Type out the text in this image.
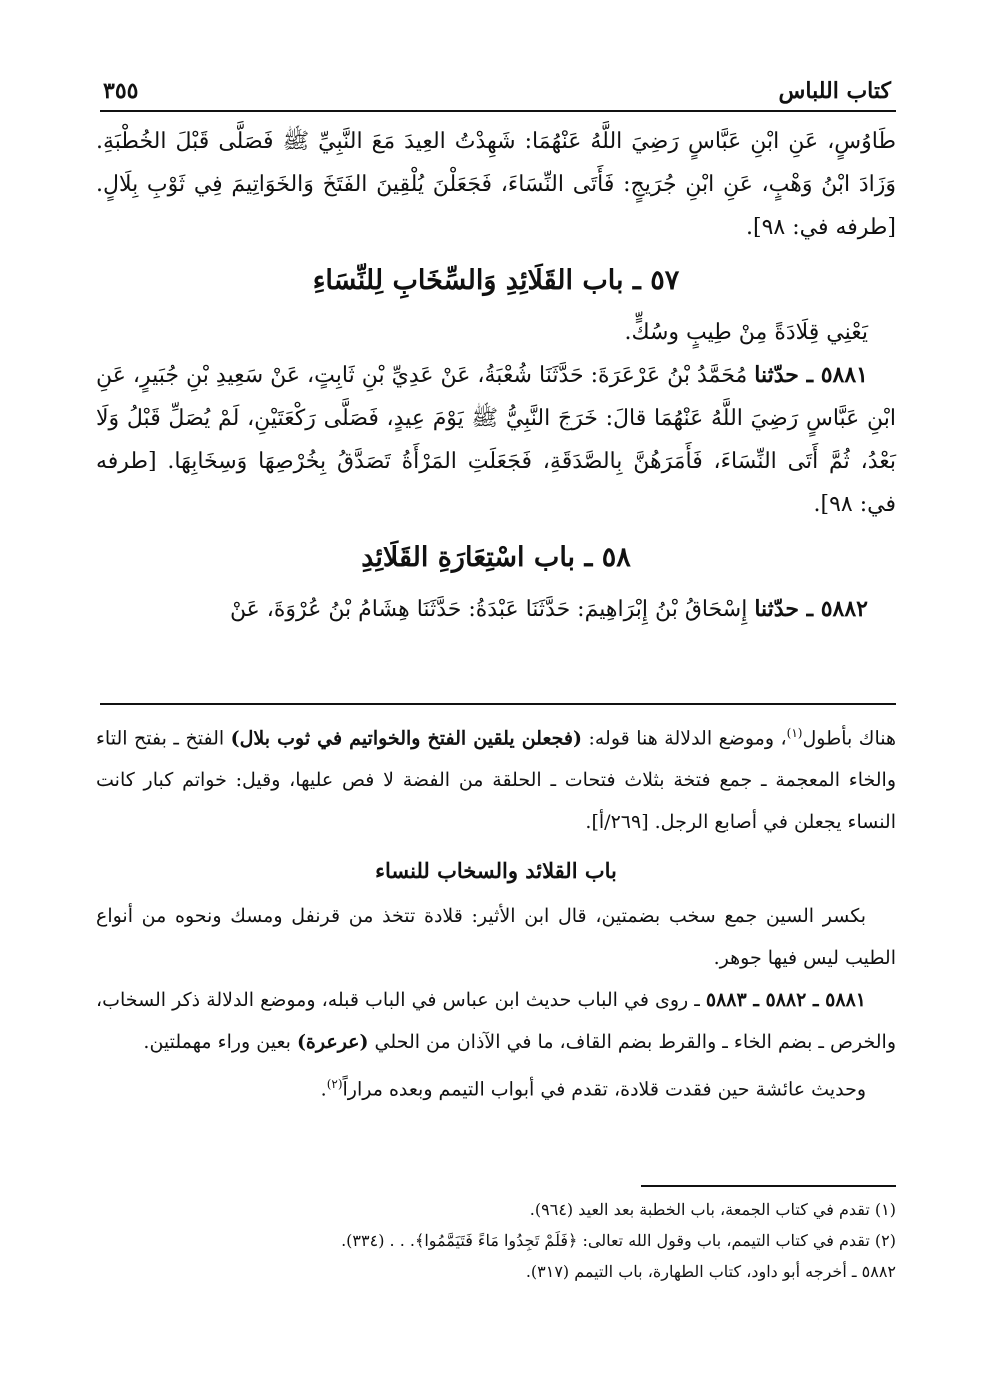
كتاب اللباس
٣٥٥

طَاوُسٍ، عَنِ ابْنِ عَبَّاسٍ رَضِيَ اللَّهُ عَنْهُمَا: شَهِدْتُ العِيدَ مَعَ النَّبِيِّ ﷺ فَصَلَّى قَبْلَ الخُطْبَةِ. وَزَادَ ابْنُ وَهْبٍ، عَنِ ابْنِ جُرَيجٍ: فَأَتَى النِّسَاءَ، فَجَعَلْنَ يُلْقِينَ الفَتَخَ وَالخَوَاتِيمَ فِي ثَوْبِ بِلَالٍ. [طرفه في: ٩٨].

٥٧ ـ باب القَلَائِدِ وَالسِّخَابِ لِلنِّسَاءِ

يَعْنِي قِلَادَةً مِنْ طِيبٍ وسُكٍّ.

٥٨٨١ ـ حدّثنا مُحَمَّدُ بْنُ عَرْعَرَةَ: حَدَّثَنَا شُعْبَةُ، عَنْ عَدِيِّ بْنِ ثَابِتٍ، عَنْ سَعِيدِ بْنِ جُبَيرٍ، عَنِ ابْنِ عَبَّاسٍ رَضِيَ اللَّهُ عَنْهُمَا قالَ: خَرَجَ النَّبِيُّ ﷺ يَوْمَ عِيدٍ، فَصَلَّى رَكْعَتَيْنِ، لَمْ يُصَلِّ قَبْلُ وَلَا بَعْدُ، ثُمَّ أَتَى النِّسَاءَ، فَأَمَرَهُنَّ بِالصَّدَقَةِ، فَجَعَلَتِ المَرْأَةُ تَصَدَّقُ بِخُرْصِهَا وَسِخَابِهَا. [طرفه في: ٩٨].

٥٨ ـ باب اسْتِعَارَةِ القَلَائِدِ

٥٨٨٢ ـ حدّثنا إِسْحَاقُ بْنُ إِبْرَاهِيمَ: حَدَّثَنَا عَبْدَةُ: حَدَّثَنَا هِشَامُ بْنُ عُرْوَةَ، عَنْ

هناك بأطول$^{(١)}$، وموضع الدلالة هنا قوله: (فجعلن يلقين الفتخ والخواتيم في ثوب بلال) الفتخ ـ بفتح التاء والخاء المعجمة ـ جمع فتخة بثلاث فتحات ـ الحلقة من الفضة لا فص عليها، وقيل: خواتم كبار كانت النساء يجعلن في أصابع الرجل. [٢٦٩/أ].

باب القلائد والسخاب للنساء

بكسر السين جمع سخب بضمتين، قال ابن الأثير: قلادة تتخذ من قرنفل ومسك ونحوه من أنواع الطيب ليس فيها جوهر.

٥٨٨١ ـ ٥٨٨٢ ـ ٥٨٨٣ ـ روى في الباب حديث ابن عباس في الباب قبله، وموضع الدلالة ذكر السخاب، والخرص ـ بضم الخاء ـ والقرط بضم القاف، ما في الآذان من الحلي (عرعرة) بعين وراء مهملتين.

وحديث عائشة حين فقدت قلادة، تقدم في أبواب التيمم وبعده مراراً$^{(٢)}$.

(١) تقدم في كتاب الجمعة، باب الخطبة بعد العيد (٩٦٤).

(٢) تقدم في كتاب التيمم، باب وقول الله تعالى: ﴿فَلَمْ تَجِدُوا مَاءً فَتَيَمَّمُوا﴾. . . (٣٣٤).

٥٨٨٢ ـ أخرجه أبو داود، كتاب الطهارة، باب التيمم (٣١٧).
